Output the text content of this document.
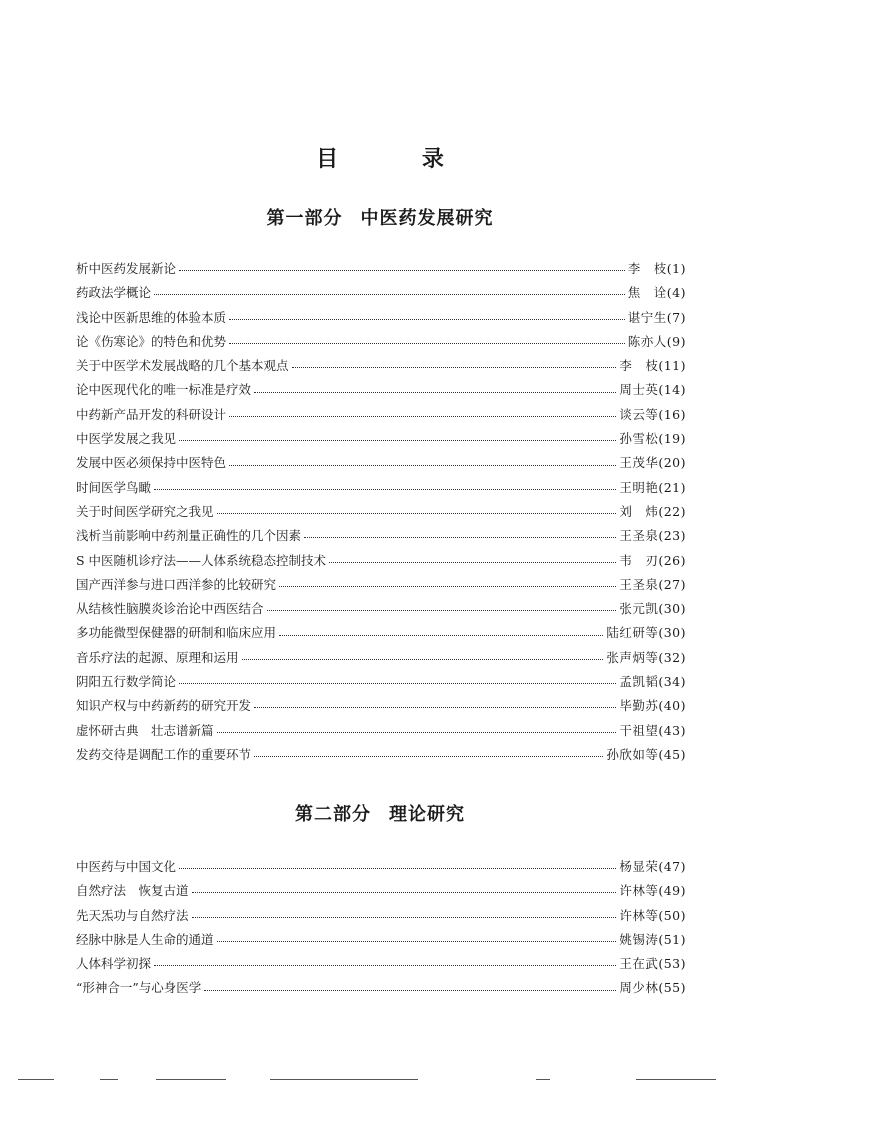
目 录
第一部分 中医药发展研究
析中医药发展新论	李　枝(1)
药政法学概论	焦　诠(4)
浅论中医新思维的体验本质	谌宁生(7)
论《伤寒论》的特色和优势	陈亦人(9)
关于中医学术发展战略的几个基本观点	李　枝(11)
论中医现代化的唯一标准是疗效	周士英(14)
中药新产品开发的科研设计	谈云等(16)
中医学发展之我见	孙雪松(19)
发展中医必须保持中医特色	王茂华(20)
时间医学鸟瞰	王明艳(21)
关于时间医学研究之我见	刘　炜(22)
浅析当前影响中药剂量正确性的几个因素	王圣泉(23)
S 中医随机诊疗法——人体系统稳态控制技术	韦　刃(26)
国产西洋参与进口西洋参的比较研究	王圣泉(27)
从结核性脑膜炎诊治论中西医结合	张元凯(30)
多功能微型保健器的研制和临床应用	陆红研等(30)
音乐疗法的起源、原理和运用	张声炳等(32)
阴阳五行数学简论	孟凯韬(34)
知识产权与中药新药的研究开发	毕勤苏(40)
虚怀研古典　壮志谱新篇	干祖望(43)
发药交待是调配工作的重要环节	孙欣如等(45)
第二部分 理论研究
中医药与中国文化	杨显荣(47)
自然疗法　恢复古道	许林等(49)
先天炁功与自然疗法	许林等(50)
经脉中脉是人生命的通道	姚锡涛(51)
人体科学初探	王在武(53)
“形神合一”与心身医学	周少林(55)
